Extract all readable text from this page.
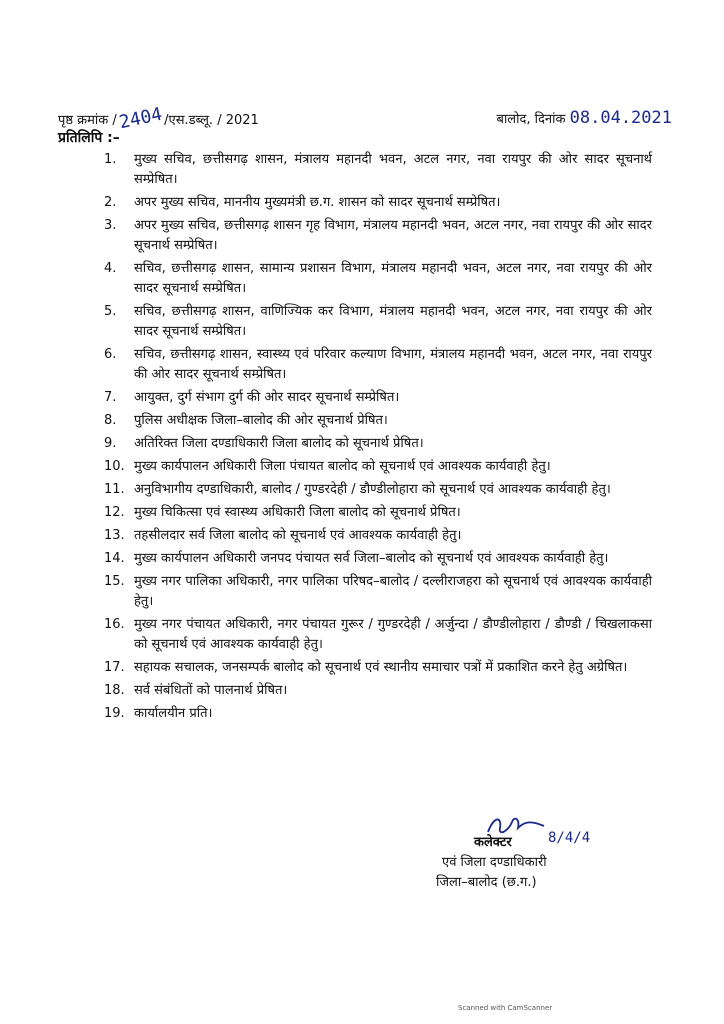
पृष्ठ क्रमांक /2404/एस.डब्लू. / 2021	बालोद, दिनांक 08.04.2021
प्रतिलिपि :–
1.	मुख्य सचिव, छत्तीसगढ़ शासन, मंत्रालय महानदी भवन, अटल नगर, नवा रायपुर की ओर सादर सूचनार्थ सम्प्रेषित।
2.	अपर मुख्य सचिव, माननीय मुख्यमंत्री छ.ग. शासन को सादर सूचनार्थ सम्प्रेषित।
3.	अपर मुख्य सचिव, छत्तीसगढ़ शासन गृह विभाग, मंत्रालय महानदी भवन, अटल नगर, नवा रायपुर की ओर सादर सूचनार्थ सम्प्रेषित।
4.	सचिव, छत्तीसगढ़ शासन, सामान्य प्रशासन विभाग, मंत्रालय महानदी भवन, अटल नगर, नवा रायपुर की ओर सादर सूचनार्थ सम्प्रेषित।
5.	सचिव, छत्तीसगढ़ शासन, वाणिज्यिक कर विभाग, मंत्रालय महानदी भवन, अटल नगर, नवा रायपुर की ओर सादर सूचनार्थ सम्प्रेषित।
6.	सचिव, छत्तीसगढ़ शासन, स्वास्थ्य एवं परिवार कल्याण विभाग, मंत्रालय महानदी भवन, अटल नगर, नवा रायपुर की ओर सादर सूचनार्थ सम्प्रेषित।
7.	आयुक्त, दुर्ग संभाग दुर्ग की ओर सादर सूचनार्थ सम्प्रेषित।
8.	पुलिस अधीक्षक जिला–बालोद की ओर सूचनार्थ प्रेषित।
9.	अतिरिक्त जिला दण्डाधिकारी जिला बालोद को सूचनार्थ प्रेषित।
10. मुख्य कार्यपालन अधिकारी जिला पंचायत बालोद को सूचनार्थ एवं आवश्यक कार्यवाही हेतु।
11. अनुविभागीय दण्डाधिकारी, बालोद / गुण्डरदेही / डौण्डीलोहारा को सूचनार्थ एवं आवश्यक कार्यवाही हेतु।
12. मुख्य चिकित्सा एवं स्वास्थ्य अधिकारी जिला बालोद को सूचनार्थ प्रेषित।
13. तहसीलदार सर्व जिला बालोद को सूचनार्थ एवं आवश्यक कार्यवाही हेतु।
14. मुख्य कार्यपालन अधिकारी जनपद पंचायत सर्व जिला–बालोद को सूचनार्थ एवं आवश्यक कार्यवाही हेतु।
15. मुख्य नगर पालिका अधिकारी, नगर पालिका परिषद–बालोद / दल्लीराजहरा को सूचनार्थ एवं आवश्यक कार्यवाही हेतु।
16. मुख्य नगर पंचायत अधिकारी, नगर पंचायत गुरूर / गुण्डरदेही / अर्जुन्दा / डौण्डीलोहारा / डौण्डी / चिखलाकसा को सूचनार्थ एवं आवश्यक कार्यवाही हेतु।
17. सहायक सचालक, जनसम्पर्क बालोद को सूचनार्थ एवं स्थानीय समाचार पत्रों में प्रकाशित करने हेतु अग्रेषित।
18. सर्व संबंधितों को पालनार्थ प्रेषित।
19. कार्यालयीन प्रति।
8/4/4
कलेक्टर
एवं जिला दण्डाधिकारी
जिला–बालोद (छ.ग.)
Scanned with CamScanner
